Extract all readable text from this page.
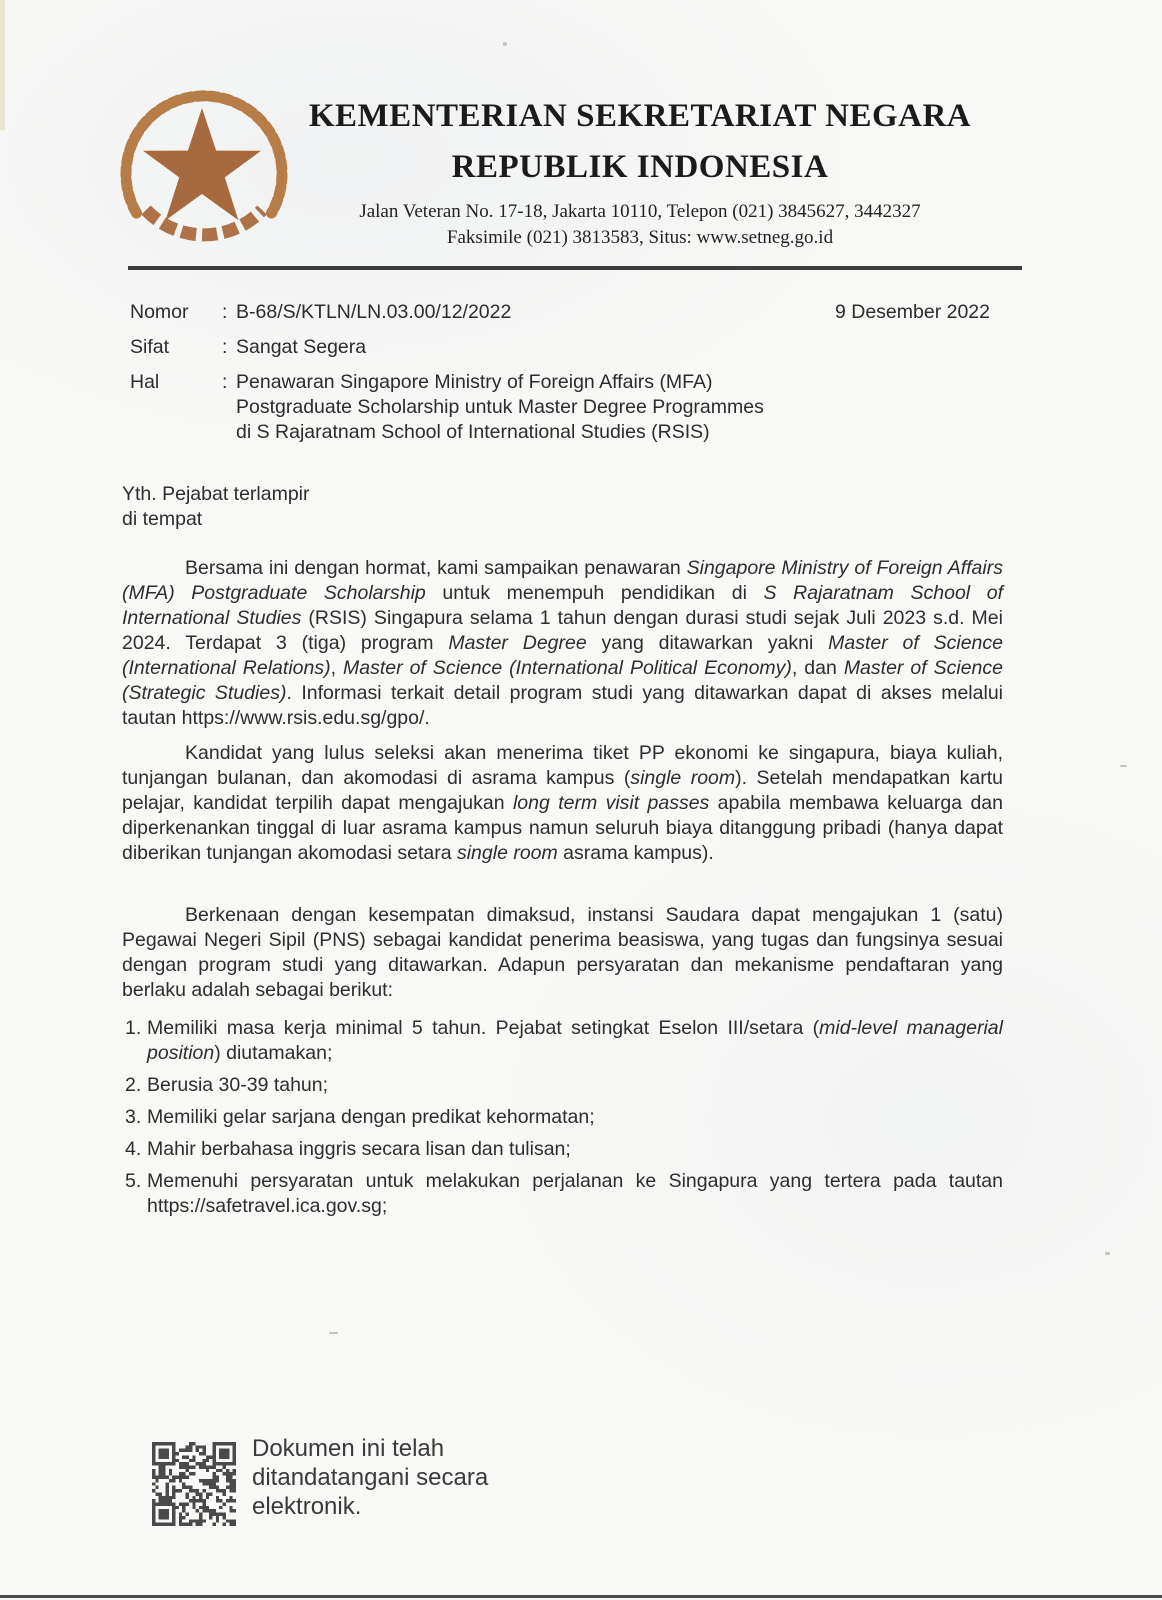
KEMENTERIAN SEKRETARIAT NEGARA
REPUBLIK INDONESIA
Jalan Veteran No. 17-18, Jakarta 10110, Telepon (021) 3845627, 3442327
Faksimile (021) 3813583, Situs: www.setneg.go.id
9 Desember 2022
Nomor	: B-68/S/KTLN/LN.03.00/12/2022
Sifat	: Sangat Segera
Hal	: Penawaran Singapore Ministry of Foreign Affairs (MFA)
Postgraduate Scholarship untuk Master Degree Programmes
di S Rajaratnam School of International Studies (RSIS)
Yth. Pejabat terlampir
di tempat

Bersama ini dengan hormat, kami sampaikan penawaran Singapore Ministry of Foreign Affairs (MFA) Postgraduate Scholarship untuk menempuh pendidikan di S Rajaratnam School of International Studies (RSIS) Singapura selama 1 tahun dengan durasi studi sejak Juli 2023 s.d. Mei 2024. Terdapat 3 (tiga) program Master Degree yang ditawarkan yakni Master of Science (International Relations), Master of Science (International Political Economy), dan Master of Science (Strategic Studies). Informasi terkait detail program studi yang ditawarkan dapat di akses melalui tautan https://www.rsis.edu.sg/gpo/.

Kandidat yang lulus seleksi akan menerima tiket PP ekonomi ke singapura, biaya kuliah, tunjangan bulanan, dan akomodasi di asrama kampus (single room). Setelah mendapatkan kartu pelajar, kandidat terpilih dapat mengajukan long term visit passes apabila membawa keluarga dan diperkenankan tinggal di luar asrama kampus namun seluruh biaya ditanggung pribadi (hanya dapat diberikan tunjangan akomodasi setara single room asrama kampus).

Berkenaan dengan kesempatan dimaksud, instansi Saudara dapat mengajukan 1 (satu) Pegawai Negeri Sipil (PNS) sebagai kandidat penerima beasiswa, yang tugas dan fungsinya sesuai dengan program studi yang ditawarkan. Adapun persyaratan dan mekanisme pendaftaran yang berlaku adalah sebagai berikut:

1. Memiliki masa kerja minimal 5 tahun. Pejabat setingkat Eselon III/setara (mid-level managerial position) diutamakan;
2. Berusia 30-39 tahun;
3. Memiliki gelar sarjana dengan predikat kehormatan;
4. Mahir berbahasa inggris secara lisan dan tulisan;
5. Memenuhi persyaratan untuk melakukan perjalanan ke Singapura yang tertera pada tautan https://safetravel.ica.gov.sg;
Dokumen ini telah
ditandatangani secara
elektronik.
